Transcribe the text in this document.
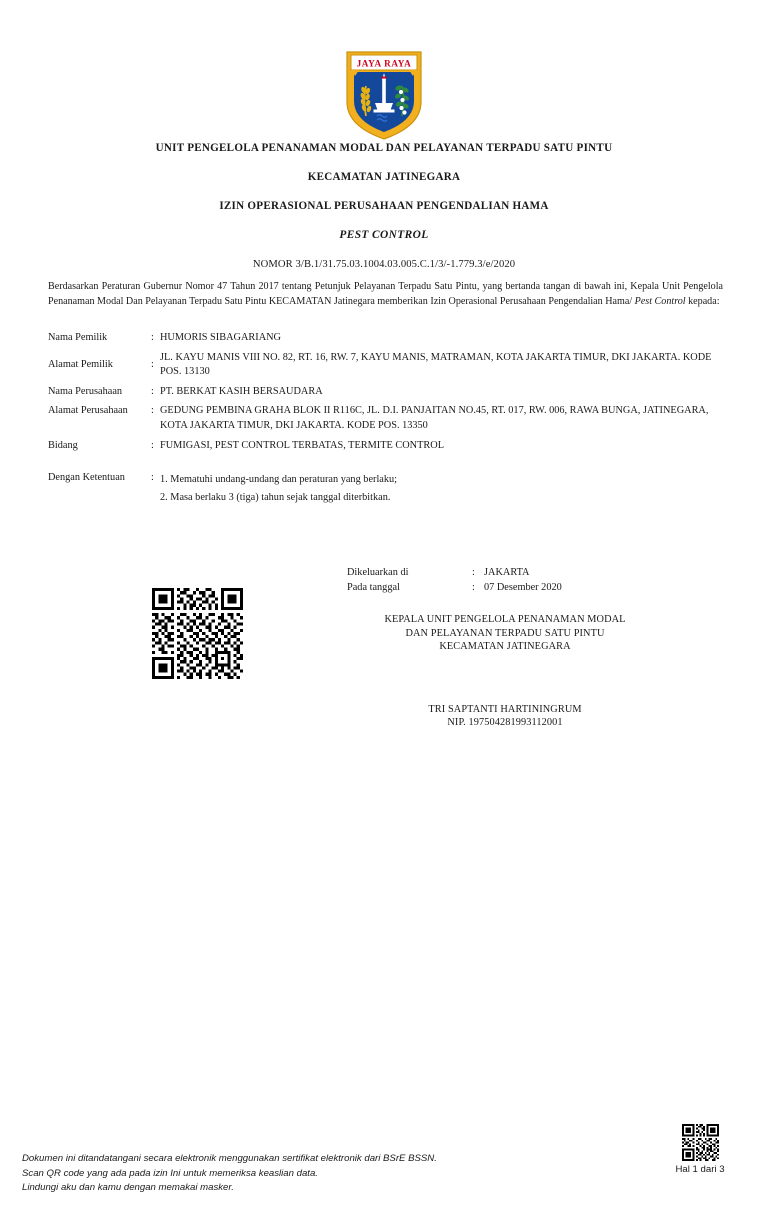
JAYA RAYA
UNIT PENGELOLA PENANAMAN MODAL DAN PELAYANAN TERPADU SATU PINTU
KECAMATAN JATINEGARA
IZIN OPERASIONAL PERUSAHAAN PENGENDALIAN HAMA
PEST CONTROL
NOMOR 3/B.1/31.75.03.1004.03.005.C.1/3/-1.779.3/e/2020
Berdasarkan Peraturan Gubernur Nomor 47 Tahun 2017 tentang Petunjuk Pelayanan Terpadu Satu Pintu, yang bertanda tangan di bawah ini, Kepala Unit Pengelola Penanaman Modal Dan Pelayanan Terpadu Satu Pintu KECAMATAN Jatinegara memberikan Izin Operasional Perusahaan Pengendalian Hama/ Pest Control kepada:
Nama Pemilik	:	HUMORIS SIBAGARIANG
Alamat Pemilik	:	JL. KAYU MANIS VIII NO. 82, RT. 16, RW. 7, KAYU MANIS, MATRAMAN, KOTA JAKARTA TIMUR, DKI JAKARTA. KODE POS. 13130
Nama Perusahaan	:	PT. BERKAT KASIH BERSAUDARA
Alamat Perusahaan	:	GEDUNG PEMBINA GRAHA BLOK II R116C, JL. D.I. PANJAITAN NO.45, RT. 017, RW. 006, RAWA BUNGA, JATINEGARA, KOTA JAKARTA TIMUR, DKI JAKARTA. KODE POS. 13350
Bidang	:	FUMIGASI, PEST CONTROL TERBATAS, TERMITE CONTROL

Dengan Ketentuan	:	1. Mematuhi undang-undang dan peraturan yang berlaku;
2. Masa berlaku 3 (tiga) tahun sejak tanggal diterbitkan.
Dikeluarkan di	:	JAKARTA
Pada tanggal	:	07 Desember 2020
KEPALA UNIT PENGELOLA PENANAMAN MODAL
DAN PELAYANAN TERPADU SATU PINTU
KECAMATAN JATINEGARA
TRI SAPTANTI HARTININGRUM
NIP. 197504281993112001
Dokumen ini ditandatangani secara elektronik menggunakan sertifikat elektronik dari BSrE BSSN.
Scan QR code yang ada pada izin Ini untuk memeriksa keaslian data.
Lindungi aku dan kamu dengan memakai masker.
Hal 1 dari 3
